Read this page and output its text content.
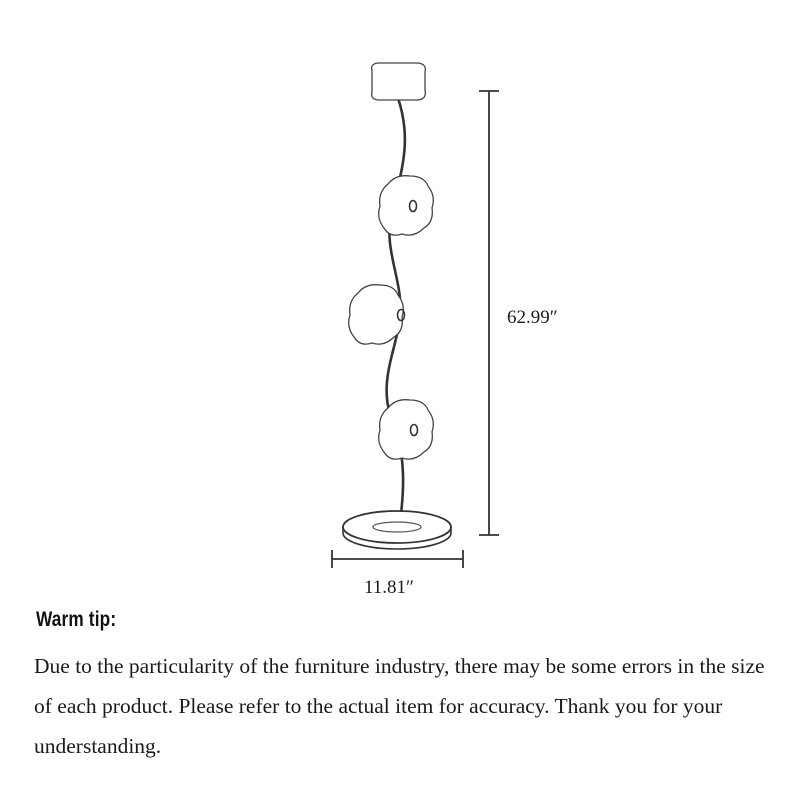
62.99″
11.81″
Warm tip:

Due to the particularity of the furniture industry, there may be some errors in the size of each product. Please refer to the actual item for accuracy. Thank you for your understanding.
